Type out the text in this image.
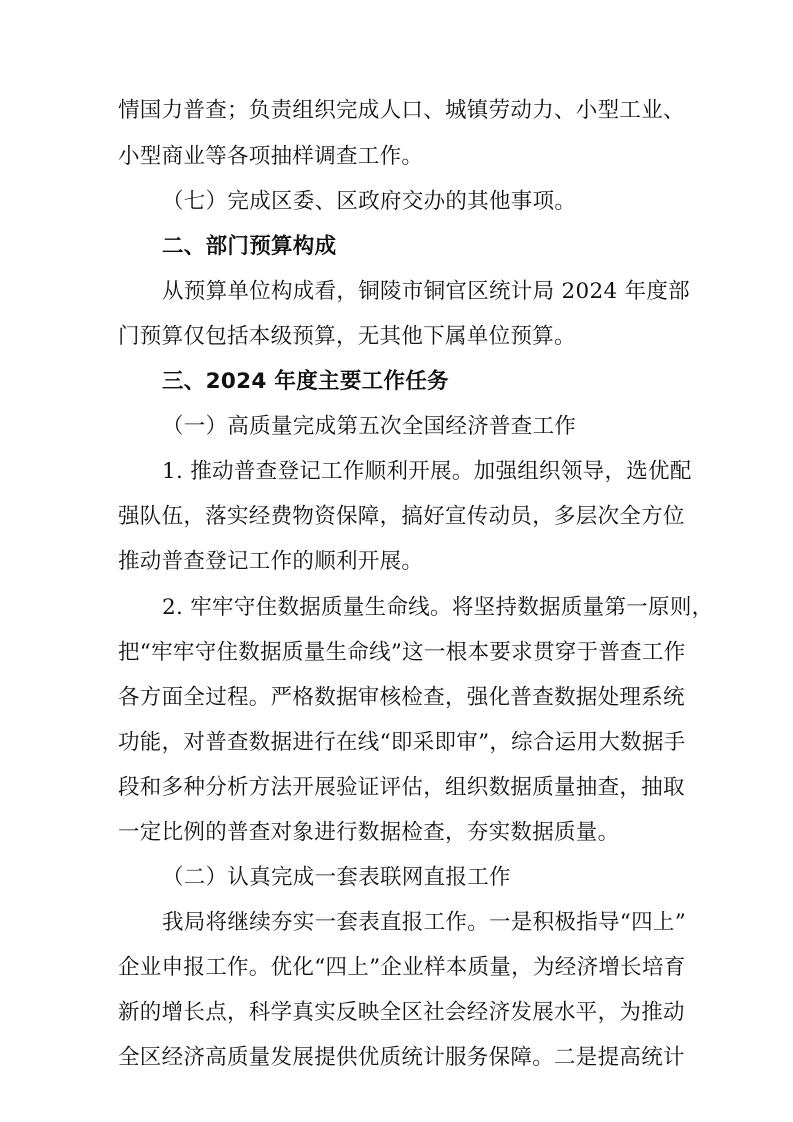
情国力普查；负责组织完成人口、城镇劳动力、小型工业、
小型商业等各项抽样调查工作。
（七）完成区委、区政府交办的其他事项。
二、部门预算构成
从预算单位构成看，铜陵市铜官区统计局 2024 年度部
门预算仅包括本级预算，无其他下属单位预算。
三、2024 年度主要工作任务
（一）高质量完成第五次全国经济普查工作
1. 推动普查登记工作顺利开展。加强组织领导，选优配
强队伍，落实经费物资保障，搞好宣传动员，多层次全方位
推动普查登记工作的顺利开展。
2. 牢牢守住数据质量生命线。将坚持数据质量第一原则，
把“牢牢守住数据质量生命线”这一根本要求贯穿于普查工作
各方面全过程。严格数据审核检查，强化普查数据处理系统
功能，对普查数据进行在线“即采即审”，综合运用大数据手
段和多种分析方法开展验证评估，组织数据质量抽查，抽取
一定比例的普查对象进行数据检查，夯实数据质量。
（二）认真完成一套表联网直报工作
我局将继续夯实一套表直报工作。一是积极指导“四上”
企业申报工作。优化“四上”企业样本质量，为经济增长培育
新的增长点，科学真实反映全区社会经济发展水平，为推动
全区经济高质量发展提供优质统计服务保障。二是提高统计
